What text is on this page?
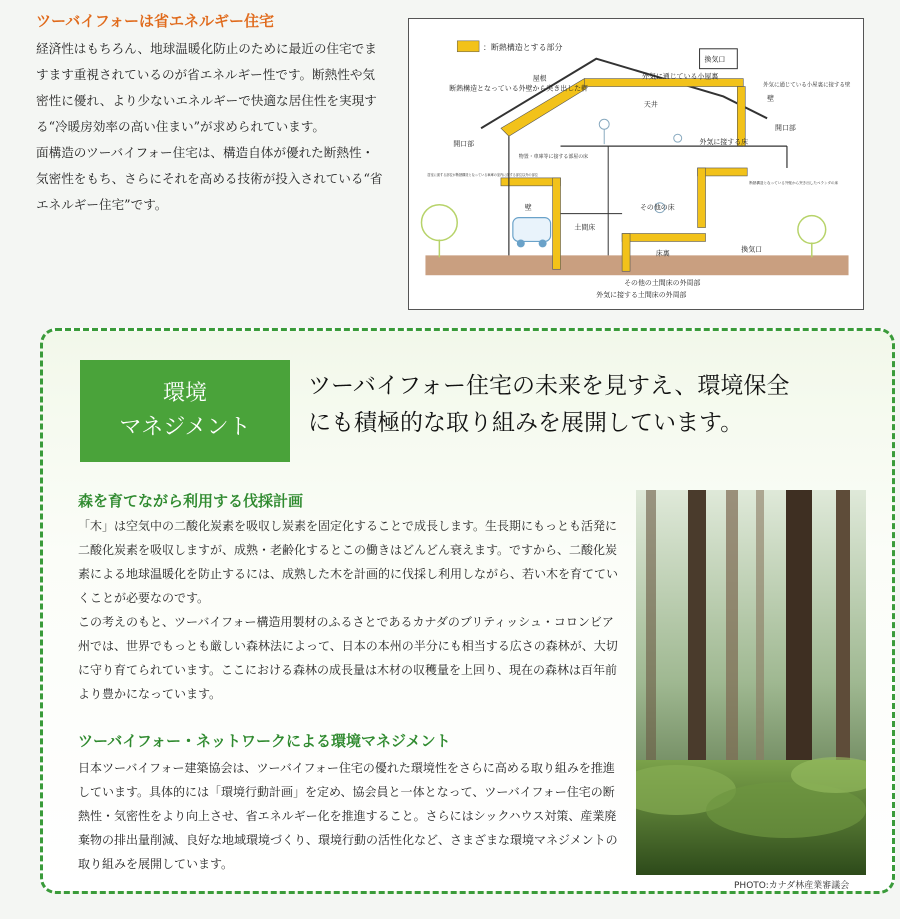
ツーバイフォーは省エネルギー住宅

経済性はもちろん、地球温暖化防止のために最近の住宅でますます重視されているのが省エネルギー性です。断熱性や気密性に優れ、より少ないエネルギーで快適な居住性を実現する“冷暖房効率の高い住まい”が求められています。

面構造のツーバイフォー住宅は、構造自体が優れた断熱性・気密性をもち、さらにそれを高める技術が投入されている“省エネルギー住宅”です。

：断熱構造とする部分
換気口
屋根
断熱構造となっている外壁から突き出した軒
外気に通じている小屋裏
外気に通じている小屋裏に接する壁
天井
壁
開口部
開口部
物置・車庫等に接する部屋の床
外気に接する床
居室に面する部位が断熱構造となっている車庫の室内に面する部位以外の部位
断熱構造となっている外壁から突き出したベランダの床
壁	その他の床
土間床
床裏	換気口
その他の土間床の外周部
外気に接する土間床の外周部
環境
マネジメント
ツーバイフォー住宅の未来を見すえ、環境保全
にも積極的な取り組みを展開しています。
森を育てながら利用する伐採計画

「木」は空気中の二酸化炭素を吸収し炭素を固定化することで成長します。生長期にもっとも活発に二酸化炭素を吸収しますが、成熟・老齢化するとこの働きはどんどん衰えます。ですから、二酸化炭素による地球温暖化を防止するには、成熟した木を計画的に伐採し利用しながら、若い木を育てていくことが必要なのです。

この考えのもと、ツーバイフォー構造用製材のふるさとであるカナダのブリティッシュ・コロンビア州では、世界でもっとも厳しい森林法によって、日本の本州の半分にも相当する広さの森林が、大切に守り育てられています。ここにおける森林の成長量は木材の収穫量を上回り、現在の森林は百年前より豊かになっています。

ツーバイフォー・ネットワークによる環境マネジメント

日本ツーバイフォー建築協会は、ツーバイフォー住宅の優れた環境性をさらに高める取り組みを推進しています。具体的には「環境行動計画」を定め、協会員と一体となって、ツーバイフォー住宅の断熱性・気密性をより向上させ、省エネルギー化を推進すること。さらにはシックハウス対策、産業廃棄物の排出量削減、良好な地域環境づくり、環境行動の活性化など、さまざまな環境マネジメントの取り組みを展開しています。

PHOTO:カナダ林産業審議会
